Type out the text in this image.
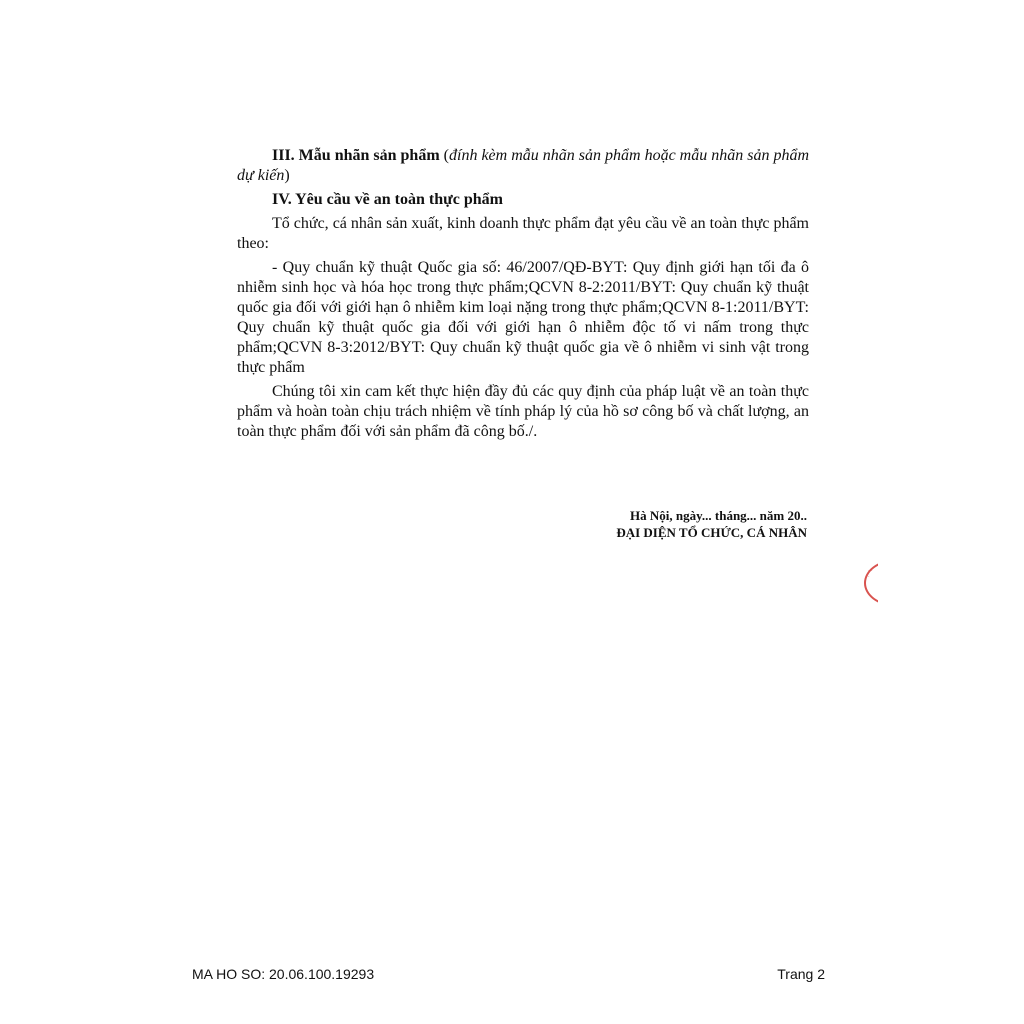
III. Mẫu nhãn sản phẩm (đính kèm mẫu nhãn sản phẩm hoặc mẫu nhãn sản phẩm dự kiến)

IV. Yêu cầu về an toàn thực phẩm

Tổ chức, cá nhân sản xuất, kinh doanh thực phẩm đạt yêu cầu về an toàn thực phẩm theo:

- Quy chuẩn kỹ thuật Quốc gia số: 46/2007/QĐ-BYT: Quy định giới hạn tối đa ô nhiễm sinh học và hóa học trong thực phẩm;QCVN 8-2:2011/BYT: Quy chuẩn kỹ thuật quốc gia đối với giới hạn ô nhiễm kim loại nặng trong thực phẩm;QCVN 8-1:2011/BYT: Quy chuẩn kỹ thuật quốc gia đối với giới hạn ô nhiễm độc tố vi nấm trong thực phẩm;QCVN 8-3:2012/BYT: Quy chuẩn kỹ thuật quốc gia về ô nhiễm vi sinh vật trong thực phẩm

Chúng tôi xin cam kết thực hiện đầy đủ các quy định của pháp luật về an toàn thực phẩm và hoàn toàn chịu trách nhiệm về tính pháp lý của hồ sơ công bố và chất lượng, an toàn thực phẩm đối với sản phẩm đã công bố./.

Hà Nội, ngày... tháng... năm 20..
ĐẠI DIỆN TỔ CHỨC, CÁ NHÂN
· · ·
MA HO SO: 20.06.100.19293	Trang 2
